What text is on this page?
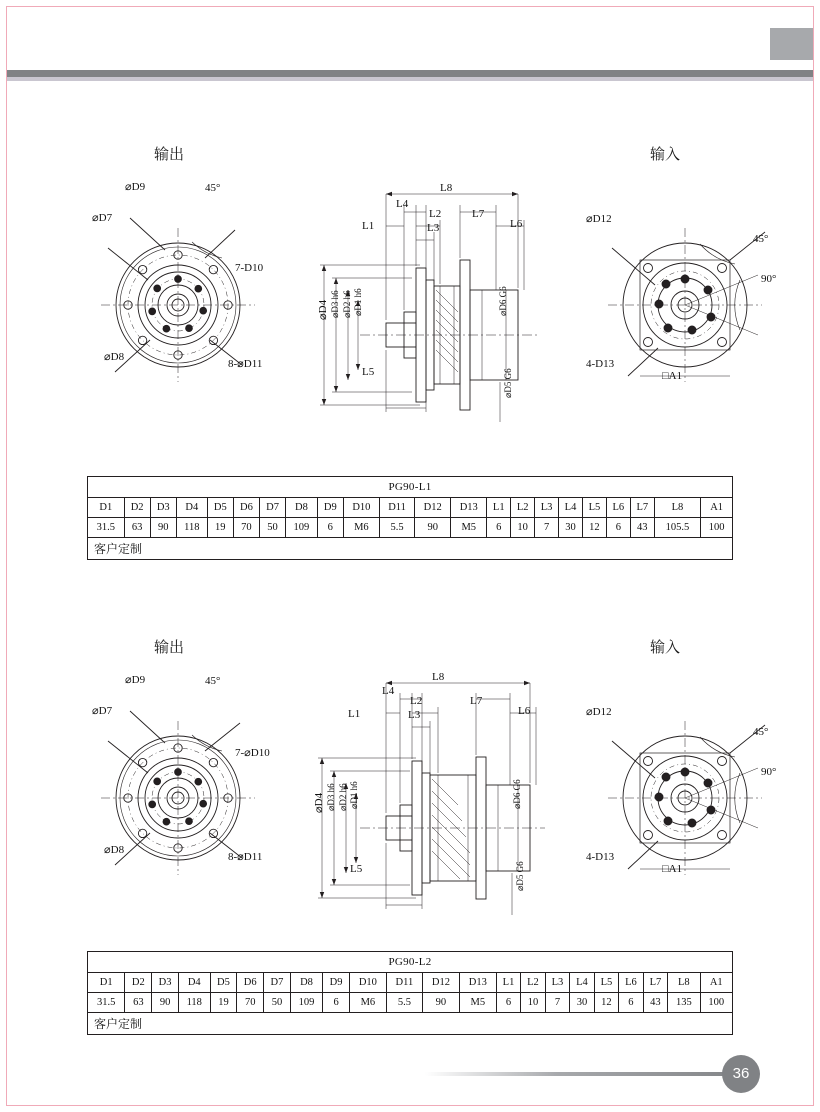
输出	输入
⌀D9
⌀D7
⌀D8
45°
7-D10
8-⌀D11
L8
L4
L2	L7
L1	L3	L6
⌀D4 ⌀D3 h6 ⌀D2 h6 ⌀D1 h6	⌀D6 G6
L5	⌀D5 G6
⌀D12
45°
90°
4-D13
□A1
PG90-L1																					
D1	D2	D3	D4	D5	D6	D7	D8	D9	D10	D11	D12	D13	L1	L2	L3	L4	L5	L6	L7	L8	A1
31.5	63	90	118	19	70	50	109	6	M6	5.5	90	M5	6	10	7	30	12	6	43	105.5	100
客户定制																					
输出	输入
⌀D9
⌀D7
⌀D8
45°
7-⌀D10
8-⌀D11
L8
L4
L2	L7
L1	L3	L6
⌀D4 ⌀D3 h6 ⌀D2 h6 ⌀D1 h6	⌀D6 G6
L5	⌀D5 G6
⌀D12
45°
90°
4-D13
□A1
PG90-L2																					
D1	D2	D3	D4	D5	D6	D7	D8	D9	D10	D11	D12	D13	L1	L2	L3	L4	L5	L6	L7	L8	A1
31.5	63	90	118	19	70	50	109	6	M6	5.5	90	M5	6	10	7	30	12	6	43	135	100
客户定制																					
36
